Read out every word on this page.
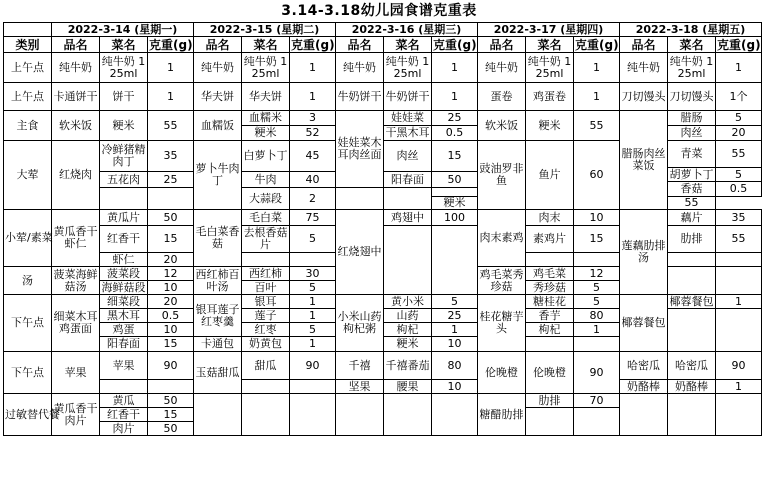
3.14-3.18幼儿园食谱克重表
	2022-3-14 (星期一)			2022-3-15 (星期二)			2022-3-16 (星期三)			2022-3-17 (星期四)			2022-3-18 (星期五)		
类别	品名	菜名	克重(g)	品名	菜名	克重(g)	品名	菜名	克重(g)	品名	菜名	克重(g)	品名	菜名	克重(g)
上午点	纯牛奶	纯牛奶 125ml	1	纯牛奶	纯牛奶 125ml	1	纯牛奶	纯牛奶 125ml	1	纯牛奶	纯牛奶 125ml	1	纯牛奶	纯牛奶 125ml	1
上午点	卡通饼干	饼干	1	华夫饼	华夫饼	1	牛奶饼干	牛奶饼干	1	蛋卷	鸡蛋卷	1	刀切馒头	刀切馒头	1个
主食	软米饭	粳米	55	血糯饭	血糯米	3	娃娃菜木耳肉丝面	娃娃菜	25	软米饭	粳米	55	腊肠肉丝菜饭	腊肠	5
					粳米	52		干黑木耳	0.5					肉丝	20
大荤	红烧肉	冷鲜猪精肉丁	35	萝卜牛肉丁	白萝卜丁	45		肉丝	15	豉油罗非鱼	鱼片	60		青菜	55
														胡萝卜丁	5
		五花肉	25		牛肉	40		阳春面	50						
														香菇	0.5
					大蒜段	2									
									粳米					55	
小荤/素菜	黄瓜香干虾仁	黄瓜片	50	毛白菜香菇	毛白菜	75	红烧翅中	鸡翅中	100	肉末素鸡	肉末	10	莲藕肋排汤	藕片	35
		红香干	15		去根香菇片	5					素鸡片	15		肋排	55

		虾仁	20												
汤	菠菜海鲜菇汤	菠菜段	12	西红柿百叶汤	西红柿	30				鸡毛菜秀珍菇	鸡毛菜	12			
		海鲜菇段	10		百叶	5					秀珍菇	5			
下午点	细菜木耳鸡蛋面	细菜段	20	银耳莲子红枣羹	银耳	1	小米山药枸杞粥	黄小米	5	桂花糖芋头	糖桂花	5	椰蓉餐包	椰蓉餐包	1
		黑木耳	0.5		莲子	1		山药	25		香芋	80			
		鸡蛋	10		红枣	5		枸杞	1		枸杞	1			
		阳春面	15	卡通包	奶黄包	1		粳米	10						
下午点	苹果	苹果	90	玉菇甜瓜	甜瓜	90	千禧	千禧番茄	80	伦晚橙	伦晚橙	90	哈密瓜	哈密瓜	90
							坚果	腰果	10				奶酪棒	奶酪棒	1
过敏替代餐	黄瓜香干肉片	黄瓜	50							糖醋肋排	肋排	70			
		红香干	15												
		肉片	50												
